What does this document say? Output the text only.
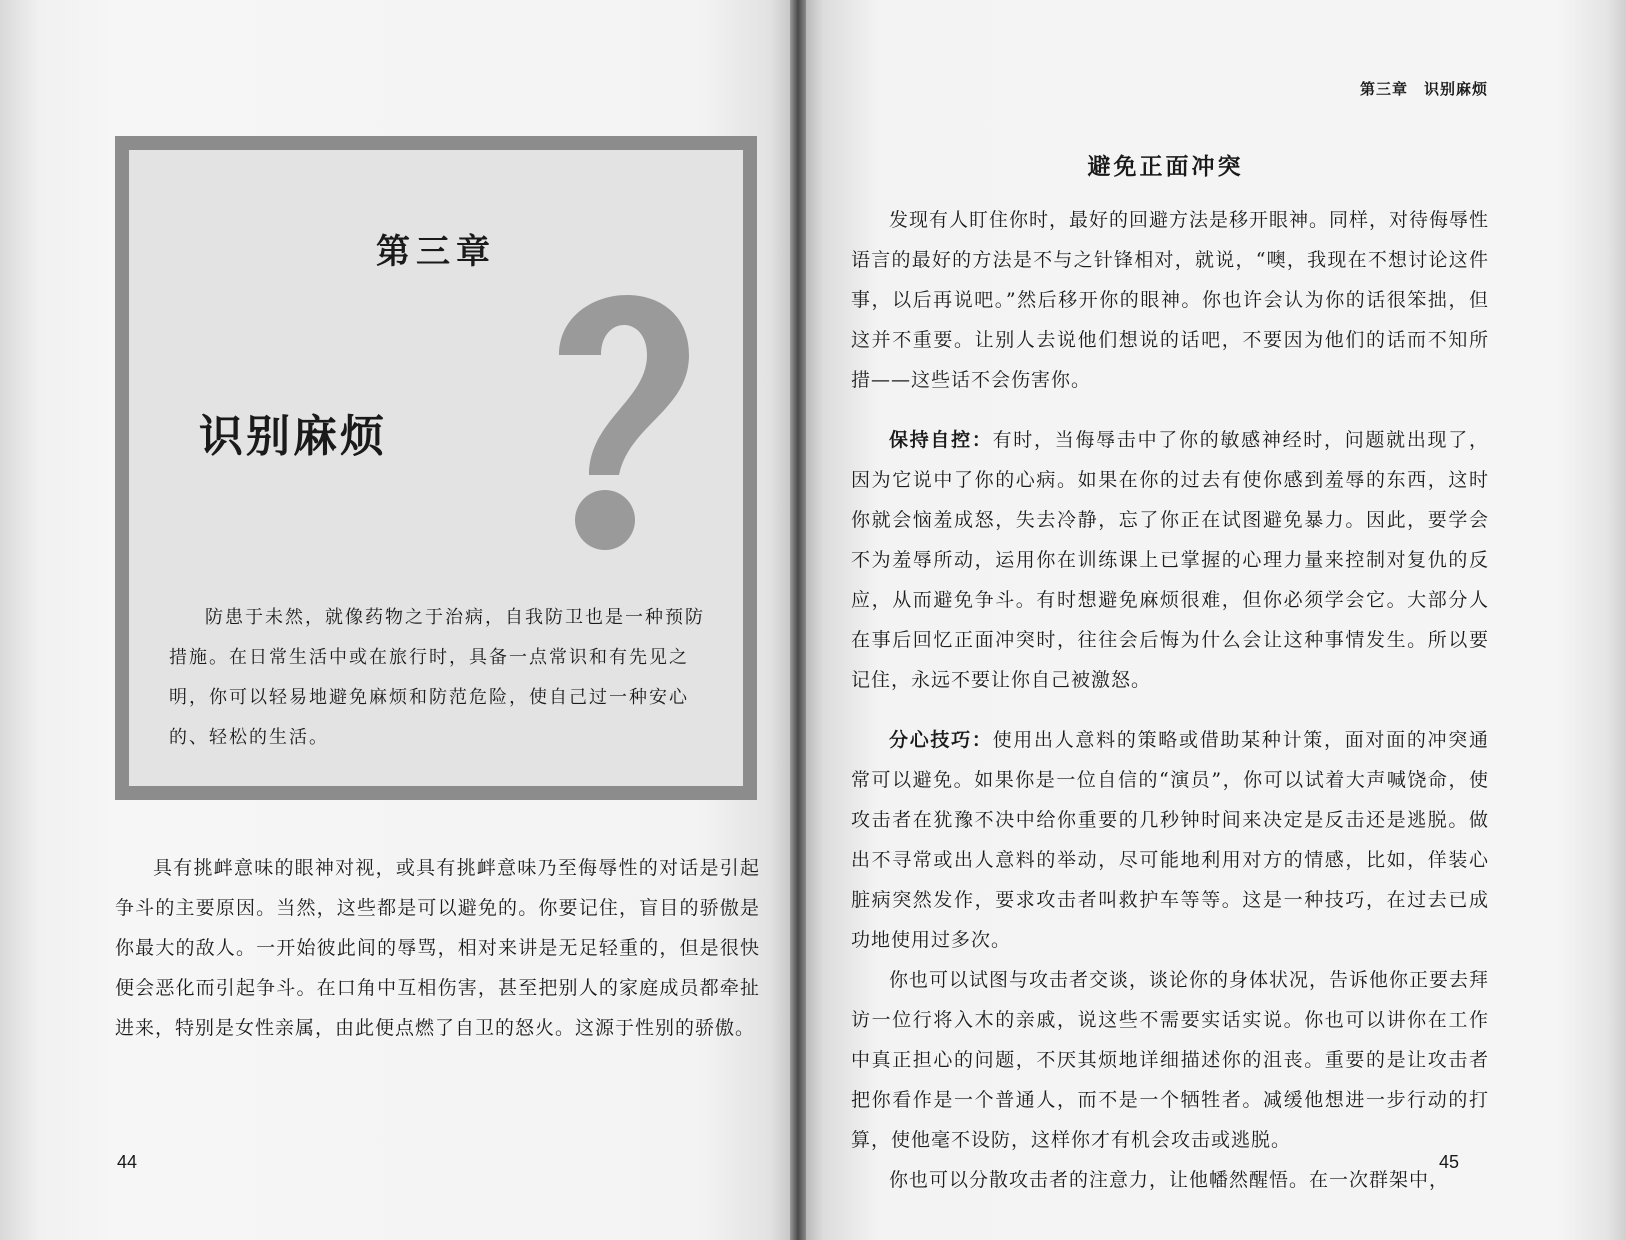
第三章
识别麻烦

防患于未然，就像药物之于治病，自我防卫也是一种预防措施。在日常生活中或在旅行时，具备一点常识和有先见之明，你可以轻易地避免麻烦和防范危险，使自己过一种安心的、轻松的生活。

具有挑衅意味的眼神对视，或具有挑衅意味乃至侮辱性的对话是引起争斗的主要原因。当然，这些都是可以避免的。你要记住，盲目的骄傲是你最大的敌人。一开始彼此间的辱骂，相对来讲是无足轻重的，但是很快便会恶化而引起争斗。在口角中互相伤害，甚至把别人的家庭成员都牵扯进来，特别是女性亲属，由此便点燃了自卫的怒火。这源于性别的骄傲。

44
第三章　识别麻烦
避免正面冲突

发现有人盯住你时，最好的回避方法是移开眼神。同样，对待侮辱性语言的最好的方法是不与之针锋相对，就说，“噢，我现在不想讨论这件事，以后再说吧。”然后移开你的眼神。你也许会认为你的话很笨拙，但这并不重要。让别人去说他们想说的话吧，不要因为他们的话而不知所措——这些话不会伤害你。

保持自控：有时，当侮辱击中了你的敏感神经时，问题就出现了，因为它说中了你的心病。如果在你的过去有使你感到羞辱的东西，这时你就会恼羞成怒，失去冷静，忘了你正在试图避免暴力。因此，要学会不为羞辱所动，运用你在训练课上已掌握的心理力量来控制对复仇的反应，从而避免争斗。有时想避免麻烦很难，但你必须学会它。大部分人在事后回忆正面冲突时，往往会后悔为什么会让这种事情发生。所以要记住，永远不要让你自己被激怒。

分心技巧：使用出人意料的策略或借助某种计策，面对面的冲突通常可以避免。如果你是一位自信的“演员”，你可以试着大声喊饶命，使攻击者在犹豫不决中给你重要的几秒钟时间来决定是反击还是逃脱。做出不寻常或出人意料的举动，尽可能地利用对方的情感，比如，佯装心脏病突然发作，要求攻击者叫救护车等等。这是一种技巧，在过去已成功地使用过多次。

你也可以试图与攻击者交谈，谈论你的身体状况，告诉他你正要去拜访一位行将入木的亲戚，说这些不需要实话实说。你也可以讲你在工作中真正担心的问题，不厌其烦地详细描述你的沮丧。重要的是让攻击者把你看作是一个普通人，而不是一个牺牲者。减缓他想进一步行动的打算，使他毫不设防，这样你才有机会攻击或逃脱。

你也可以分散攻击者的注意力，让他幡然醒悟。在一次群架中，

45
